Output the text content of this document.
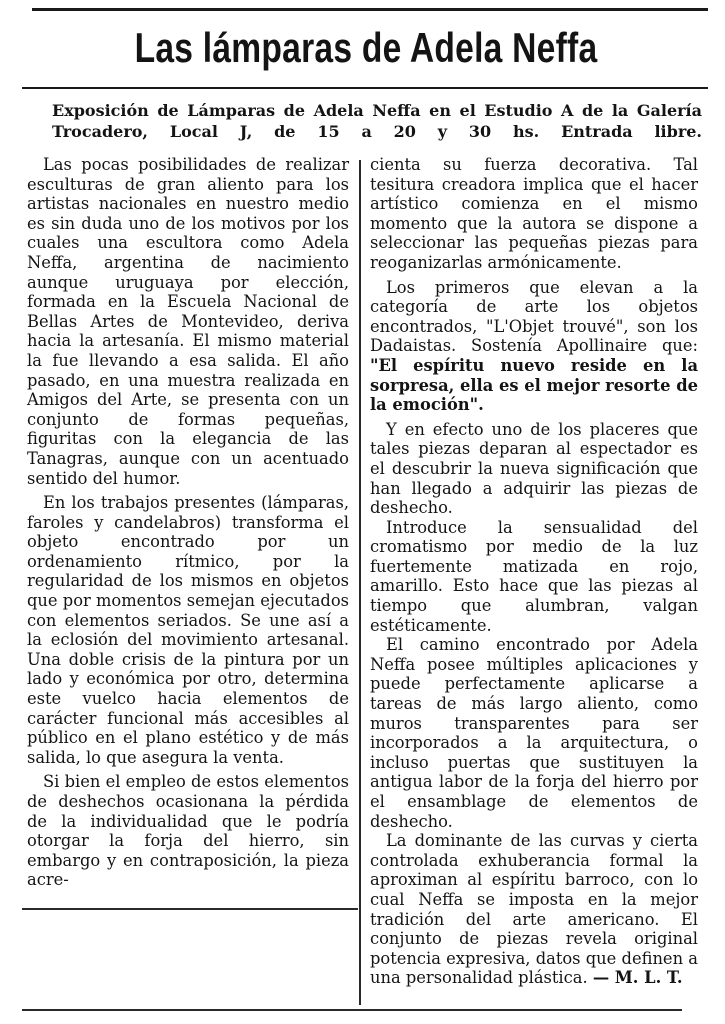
Las lámparas de Adela Neffa
Exposición de Lámparas de Adela Neffa en el Estudio A de la Galería Trocadero, Local J, de 15 a 20 y 30 hs. Entrada libre.

Las pocas posibilidades de realizar esculturas de gran aliento para los artistas nacionales en nuestro medio es sin duda uno de los motivos por los cuales una escultora como Adela Neffa, argentina de nacimiento aunque uruguaya por elección, formada en la Escuela Nacional de Bellas Artes de Montevideo, deriva hacia la artesanía. El mismo material la fue llevando a esa salida. El año pasado, en una muestra realizada en Amigos del Arte, se presenta con un conjunto de formas pequeñas, figuritas con la elegancia de las Tanagras, aunque con un acentuado sentido del humor.

En los trabajos presentes (lámparas, faroles y candelabros) transforma el objeto encontrado por un ordenamiento rítmico, por la regularidad de los mismos en objetos que por momentos semejan ejecutados con elementos seriados. Se une así a la eclosión del movimiento artesanal. Una doble crisis de la pintura por un lado y económica por otro, determina este vuelco hacia elementos de carácter funcional más accesibles al público en el plano estético y de más salida, lo que asegura la venta.

Si bien el empleo de estos elementos de deshechos ocasionana la pérdida de la individualidad que le podría otorgar la forja del hierro, sin embargo y en contraposición, la pieza acre-

cienta su fuerza decorativa. Tal tesitura creadora implica que el hacer artístico comienza en el mismo momento que la autora se dispone a seleccionar las pequeñas piezas para reoganizarlas armónicamente.

Los primeros que elevan a la categoría de arte los objetos encontrados, "L'Objet trouvé", son los Dadaistas. Sostenía Apollinaire que: "El espíritu nuevo reside en la sorpresa, ella es el mejor resorte de la emoción".

Y en efecto uno de los placeres que tales piezas deparan al espectador es el descubrir la nueva significación que han llegado a adquirir las piezas de deshecho.

Introduce la sensualidad del cromatismo por medio de la luz fuertemente matizada en rojo, amarillo. Esto hace que las piezas al tiempo que alumbran, valgan estéticamente.

El camino encontrado por Adela Neffa posee múltiples aplicaciones y puede perfectamente aplicarse a tareas de más largo aliento, como muros transparentes para ser incorporados a la arquitectura, o incluso puertas que sustituyen la antigua labor de la forja del hierro por el ensamblage de elementos de deshecho.

La dominante de las curvas y cierta controlada exhuberancia formal la aproximan al espíritu barroco, con lo cual Neffa se imposta en la mejor tradición del arte americano. El conjunto de piezas revela original potencia expresiva, datos que definen a una personalidad plástica. — M. L. T.
